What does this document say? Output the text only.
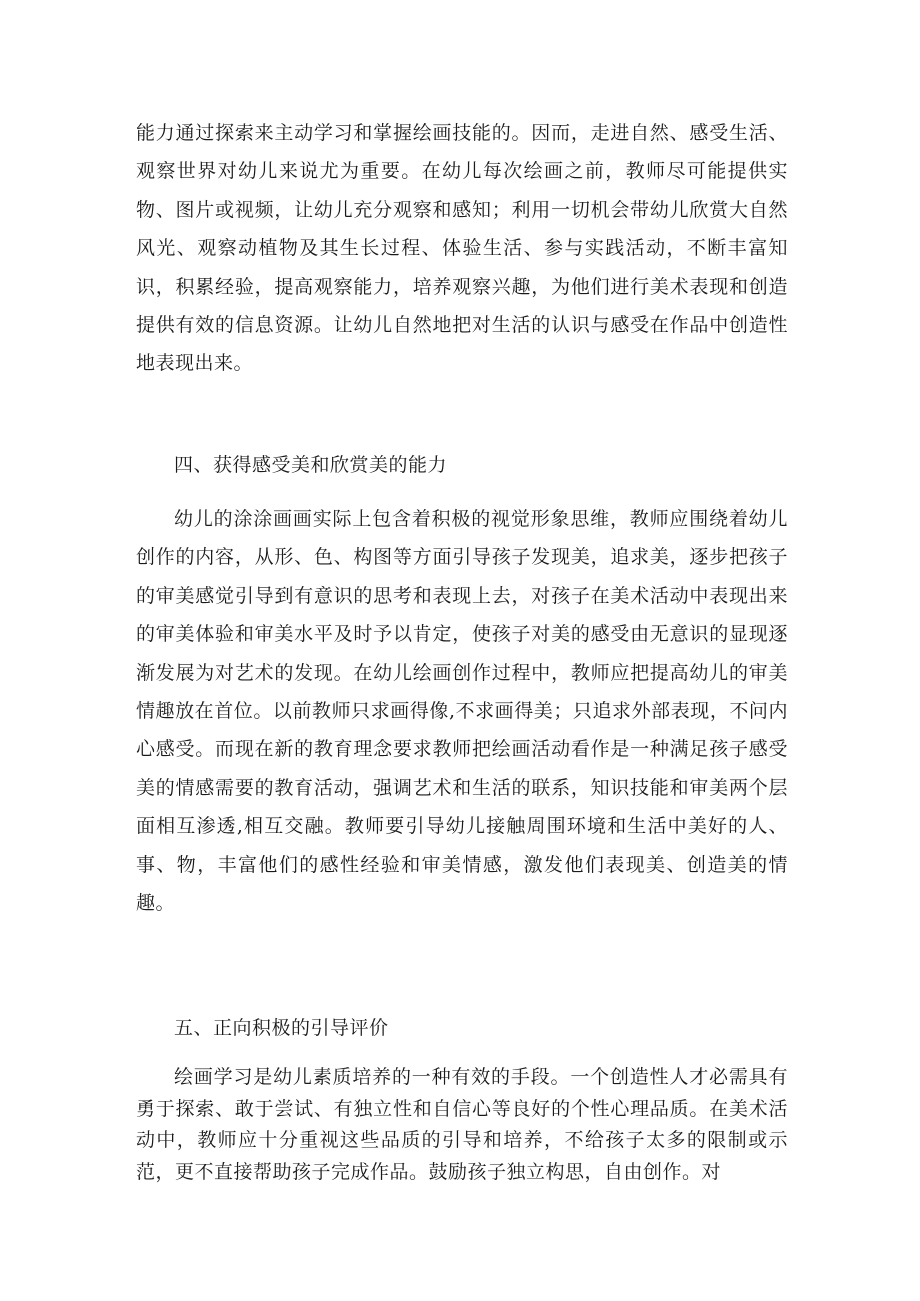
能力通过探索来主动学习和掌握绘画技能的。因而，走进自然、感受生活、观察世界对幼儿来说尤为重要。在幼儿每次绘画之前，教师尽可能提供实物、图片或视频，让幼儿充分观察和感知；利用一切机会带幼儿欣赏大自然风光、观察动植物及其生长过程、体验生活、参与实践活动，不断丰富知识，积累经验，提高观察能力，培养观察兴趣，为他们进行美术表现和创造提供有效的信息资源。让幼儿自然地把对生活的认识与感受在作品中创造性地表现出来。

四、获得感受美和欣赏美的能力

幼儿的涂涂画画实际上包含着积极的视觉形象思维，教师应围绕着幼儿创作的内容，从形、色、构图等方面引导孩子发现美，追求美，逐步把孩子的审美感觉引导到有意识的思考和表现上去，对孩子在美术活动中表现出来的审美体验和审美水平及时予以肯定，使孩子对美的感受由无意识的显现逐渐发展为对艺术的发现。在幼儿绘画创作过程中，教师应把提高幼儿的审美情趣放在首位。以前教师只求画得像,不求画得美；只追求外部表现，不问内心感受。而现在新的教育理念要求教师把绘画活动看作是一种满足孩子感受美的情感需要的教育活动，强调艺术和生活的联系，知识技能和审美两个层面相互渗透,相互交融。教师要引导幼儿接触周围环境和生活中美好的人、事、物，丰富他们的感性经验和审美情感，激发他们表现美、创造美的情趣。

五、正向积极的引导评价

绘画学习是幼儿素质培养的一种有效的手段。一个创造性人才必需具有勇于探索、敢于尝试、有独立性和自信心等良好的个性心理品质。在美术活动中，教师应十分重视这些品质的引导和培养，不给孩子太多的限制或示范，更不直接帮助孩子完成作品。鼓励孩子独立构思，自由创作。对
